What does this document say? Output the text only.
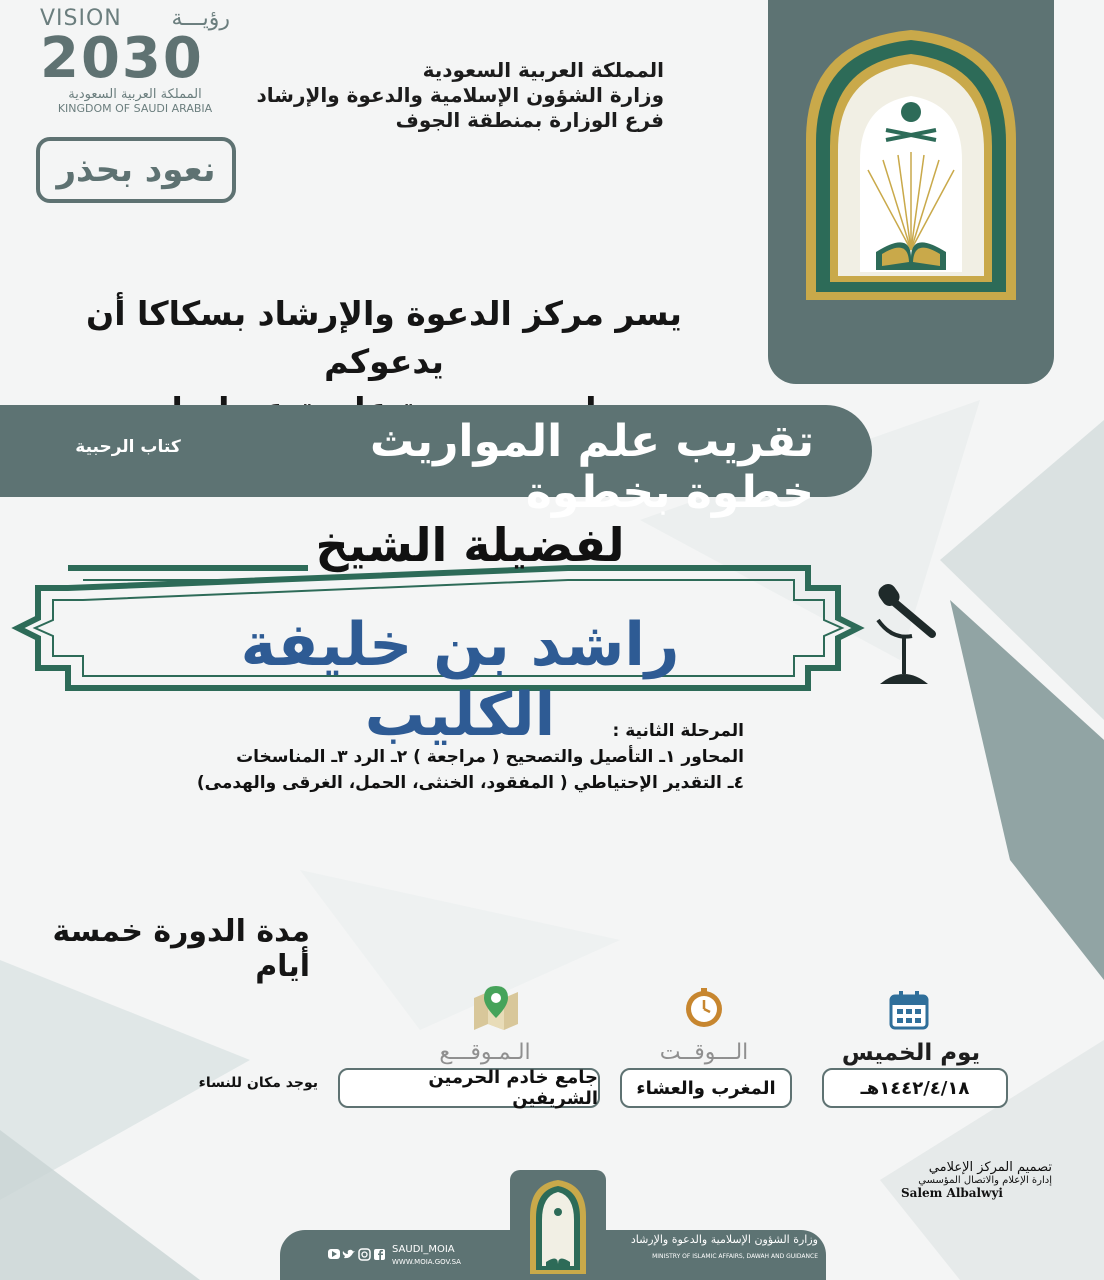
VISION رؤيـــة
2030
المملكة العربية السعودية
KINGDOM OF SAUDI ARABIA
نعود بحذر
المملكة العربية السعودية
وزارة الشؤون الإسلامية والدعوة والإرشاد
فرع الوزارة بمنطقة الجوف
يسر مركز الدعوة والإرشاد بسكاكا أن يدعوكم
تقريب علم المواريث خطوة بخطوة
كتاب الرحبية
لفضيلة الشيخ
راشد بن خليفة الكليب	المرحلة الثانية :
المحاور ١ـ التأصيل والتصحيح ( مراجعة ) ٢ـ الرد ٣ـ المناسخات
٤ـ التقدير الإحتياطي ( المفقود، الخنثى، الحمل، الغرقى والهدمى)
مدة الدورة خمسة أيام
يوم الخميس
١٤٤٢/٤/١٨هـ
الـــوقــت
المغرب والعشاء
الـمـوقـــع
جامع خادم الحرمين الشريفين
يوجد مكان للنساء
تصميم المركز الإعلامي
إدارة الإعلام والاتصال المؤسسي
Salem Albalwyi
وزارة الشؤون الإسلامية والدعوة والإرشاد
MINISTRY OF ISLAMIC AFFAIRS, DAWAH AND GUIDANCE
SAUDI_MOIA
WWW.MOIA.GOV.SA
